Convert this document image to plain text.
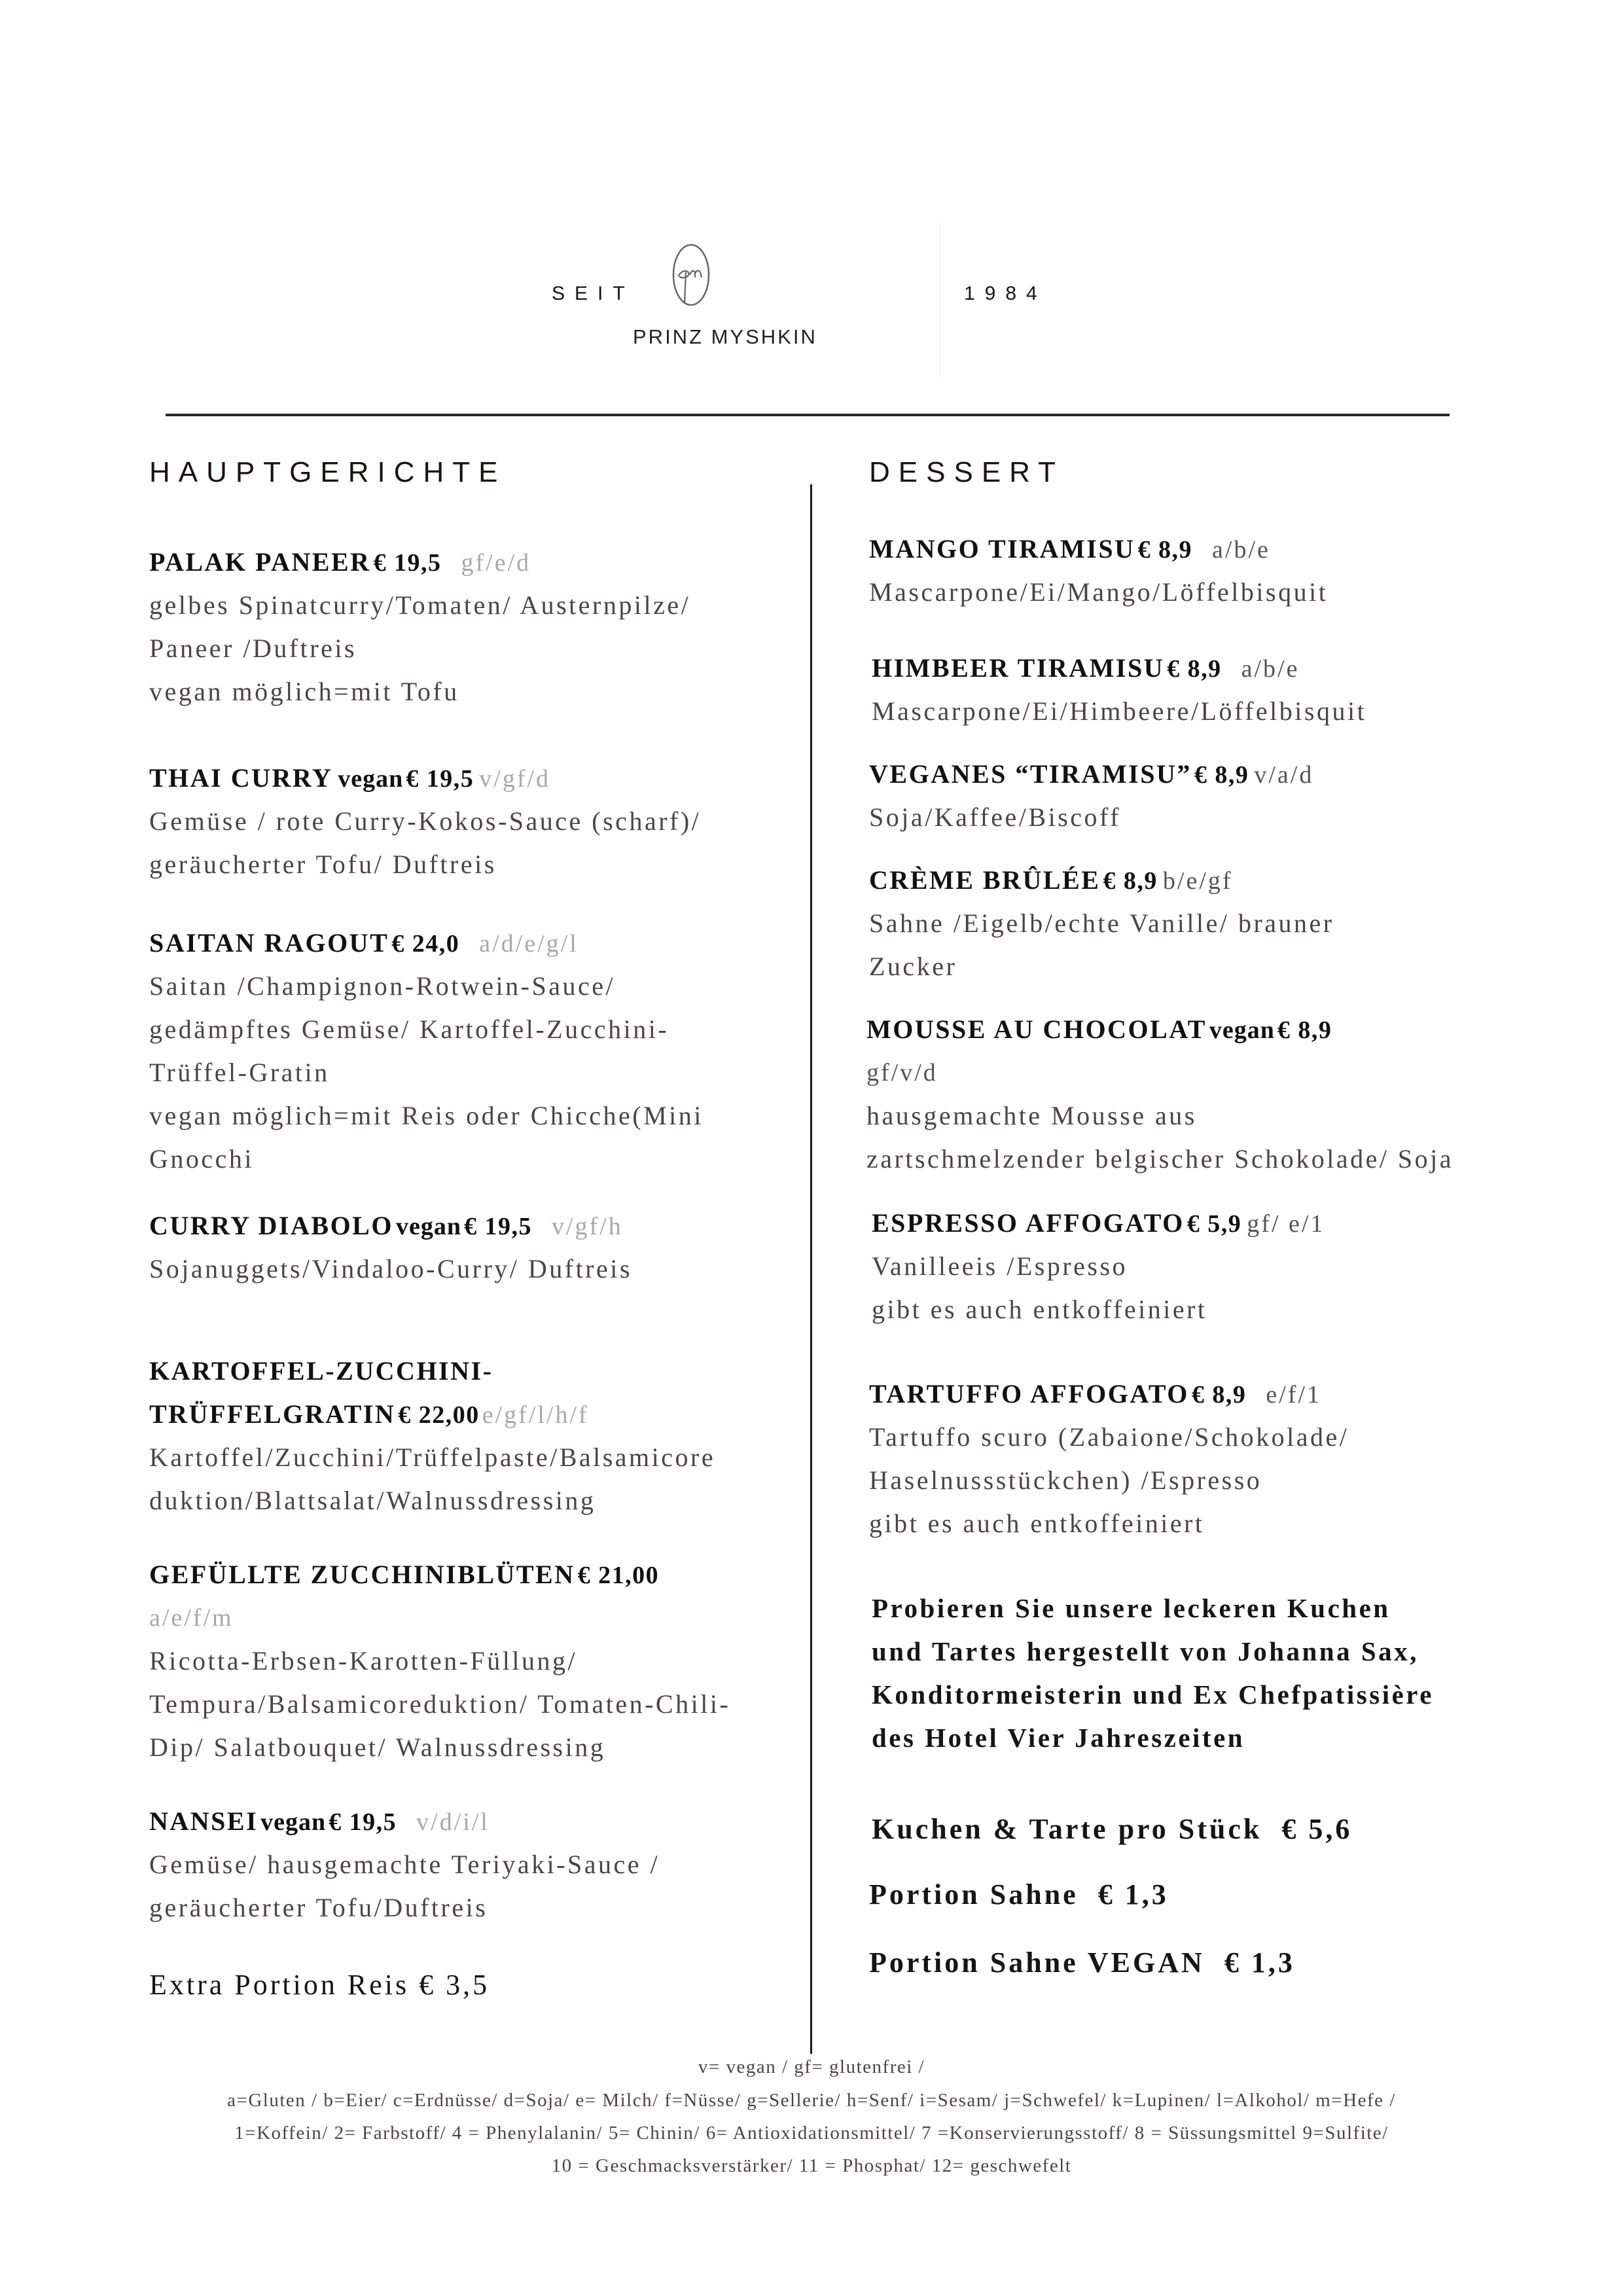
SEIT	1984
PRINZ MYSHKIN
HAUPTGERICHTE
PALAK PANEER € 19,5 gf/e/d
gelbes Spinatcurry/Tomaten/ Austernpilze/
Paneer /Duftreis
vegan möglich=mit Tofu
THAI CURRY vegan € 19,5 v/gf/d
Gemüse / rote Curry-Kokos-Sauce (scharf)/
geräucherter Tofu/ Duftreis
SAITAN RAGOUT € 24,0 a/d/e/g/l
Saitan /Champignon-Rotwein-Sauce/
gedämpftes Gemüse/ Kartoffel-Zucchini-
Trüffel-Gratin
vegan möglich=mit Reis oder Chicche(Mini
Gnocchi
CURRY DIABOLO vegan € 19,5 v/gf/h
Sojanuggets/Vindaloo-Curry/ Duftreis
KARTOFFEL-ZUCCHINI-
TRÜFFELGRATIN € 22,00 e/gf/l/h/f
Kartoffel/Zucchini/Trüffelpaste/Balsamicore
duktion/Blattsalat/Walnussdressing
GEFÜLLTE ZUCCHINIBLÜTEN € 21,00
a/e/f/m
Ricotta-Erbsen-Karotten-Füllung/
Tempura/Balsamicoreduktion/ Tomaten-Chili-
Dip/ Salatbouquet/ Walnussdressing
NANSEI vegan € 19,5 v/d/i/l
Gemüse/ hausgemachte Teriyaki-Sauce /
geräucherter Tofu/Duftreis
Extra Portion Reis € 3,5
DESSERT
MANGO TIRAMISU € 8,9 a/b/e
Mascarpone/Ei/Mango/Löffelbisquit
HIMBEER TIRAMISU € 8,9 a/b/e
Mascarpone/Ei/Himbeere/Löffelbisquit
VEGANES “TIRAMISU” € 8,9 v/a/d
Soja/Kaffee/Biscoff
CRÈME BRÛLÉE € 8,9 b/e/gf
Sahne /Eigelb/echte Vanille/ brauner
Zucker
MOUSSE AU CHOCOLAT vegan € 8,9
gf/v/d
hausgemachte Mousse aus
zartschmelzender belgischer Schokolade/ Soja
ESPRESSO AFFOGATO € 5,9 gf/ e/1
Vanilleeis /Espresso
gibt es auch entkoffeiniert
TARTUFFO AFFOGATO € 8,9 e/f/1
Tartuffo scuro (Zabaione/Schokolade/
Haselnussstückchen) /Espresso
gibt es auch entkoffeiniert
Probieren Sie unsere leckeren Kuchen
und Tartes hergestellt von Johanna Sax,
Konditormeisterin und Ex Chefpatissière
des Hotel Vier Jahreszeiten
Kuchen & Tarte pro Stück € 5,6
Portion Sahne € 1,3
Portion Sahne VEGAN € 1,3
v= vegan / gf= glutenfrei /
a=Gluten / b=Eier/ c=Erdnüsse/ d=Soja/ e= Milch/ f=Nüsse/ g=Sellerie/ h=Senf/ i=Sesam/ j=Schwefel/ k=Lupinen/ l=Alkohol/ m=Hefe /
1=Koffein/ 2= Farbstoff/ 4 = Phenylalanin/ 5= Chinin/ 6= Antioxidationsmittel/ 7 =Konservierungsstoff/ 8 = Süssungsmittel 9=Sulfite/
10 = Geschmacksverstärker/ 11 = Phosphat/ 12= geschwefelt
